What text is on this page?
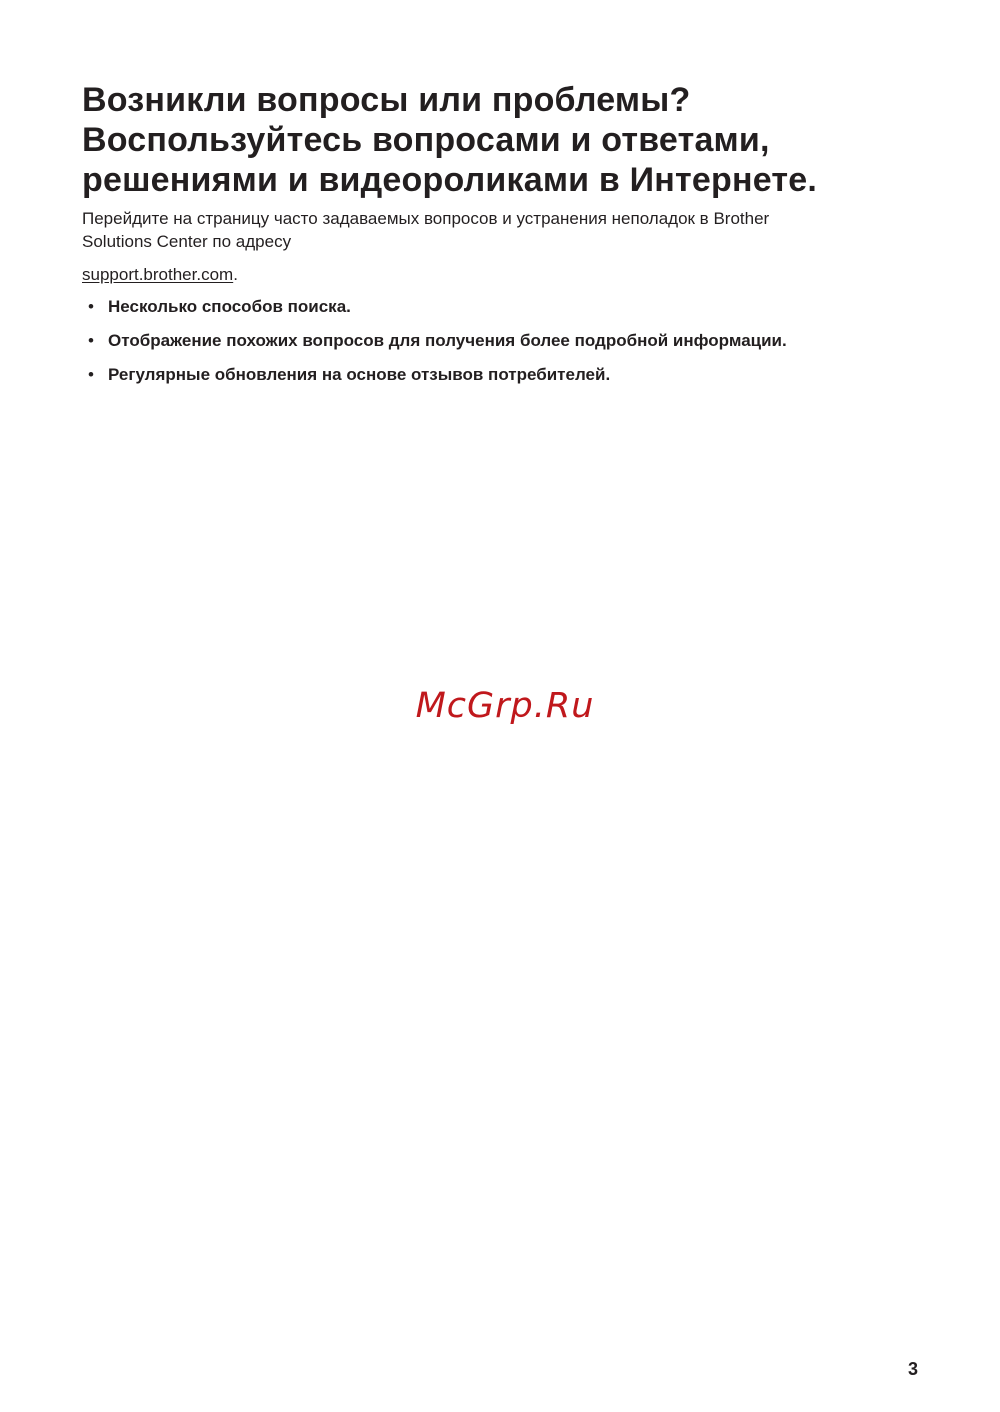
Возникли вопросы или проблемы?
Воспользуйтесь вопросами и ответами,
решениями и видеороликами в Интернете.

Перейдите на страницу часто задаваемых вопросов и устранения неполадок в Brother
Solutions Center по адресу

support.brother.com.
• Несколько способов поиска.
• Отображение похожих вопросов для получения более подробной информации.
• Регулярные обновления на основе отзывов потребителей.
McGrp.Ru
3
